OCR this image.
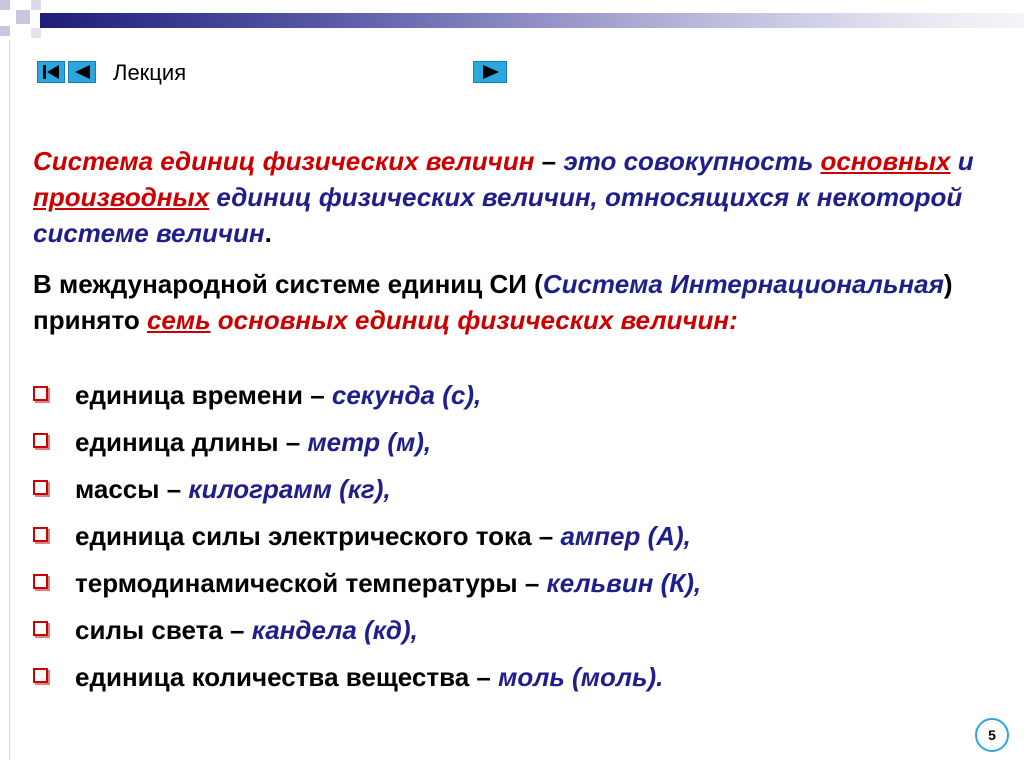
Лекция
Система единиц физических величин – это совокупность основных и производных единиц физических величин, относящихся к некоторой системе величин.
В международной системе единиц СИ (Система Интернациональная) принято семь основных единиц физических величин:
единица времени – секунда (с),
единица длины – метр (м),
массы – килограмм (кг),
единица силы электрического тока – ампер (А),
термодинамической температуры – кельвин (К),
силы света – кандела (кд),
единица количества вещества – моль (моль).
5
